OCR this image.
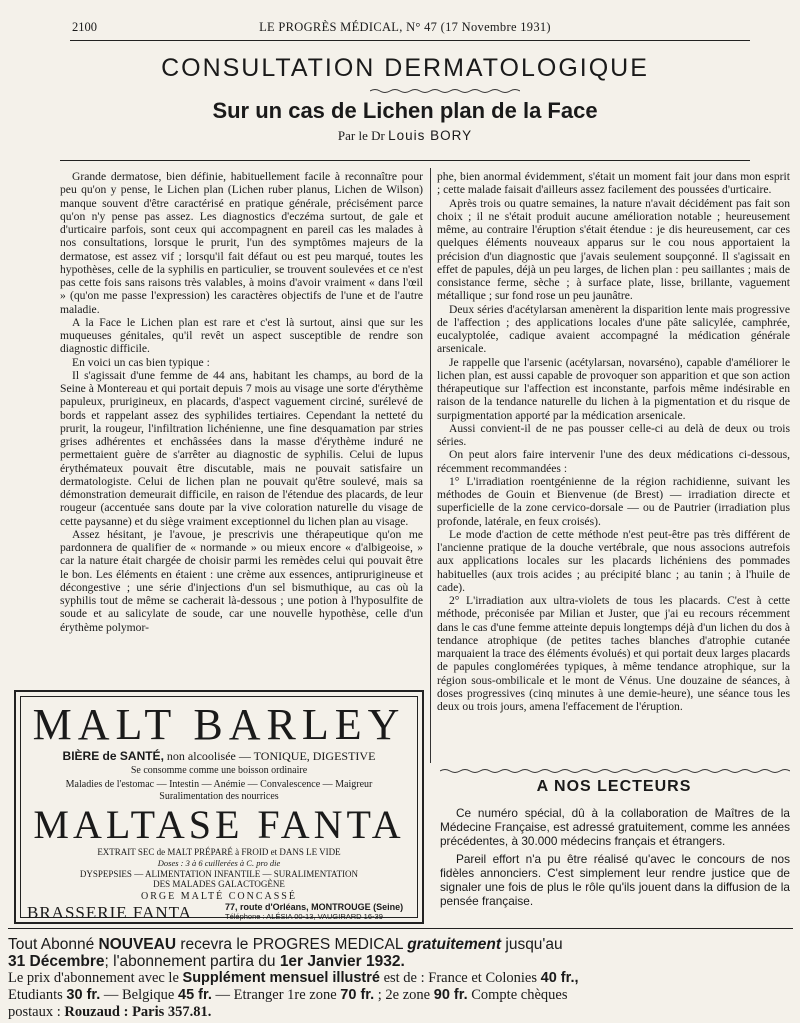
2100	LE PROGRÈS MÉDICAL, N° 47 (17 Novembre 1931)
CONSULTATION DERMATOLOGIQUE
Sur un cas de Lichen plan de la Face
Par le Dr Louis BORY

Grande dermatose, bien définie, habituellement facile à reconnaître pour peu qu'on y pense, le Lichen plan (Lichen ruber planus, Lichen de Wilson) manque souvent d'être caractérisé en pratique générale, précisément parce qu'on n'y pense pas assez. Les diagnostics d'eczéma surtout, de gale et d'urticaire parfois, sont ceux qui accompagnent en pareil cas les malades à nos consultations, lorsque le prurit, l'un des symptômes majeurs de la dermatose, est assez vif ; lorsqu'il fait défaut ou est peu marqué, toutes les hypothèses, celle de la syphilis en particulier, se trouvent soulevées et ce n'est pas cette fois sans raisons très valables, à moins d'avoir vraiment « dans l'œil » (qu'on me passe l'expression) les caractères objectifs de l'une et de l'autre maladie.

A la Face le Lichen plan est rare et c'est là surtout, ainsi que sur les muqueuses génitales, qu'il revêt un aspect susceptible de rendre son diagnostic difficile.

En voici un cas bien typique :

Il s'agissait d'une femme de 44 ans, habitant les champs, au bord de la Seine à Montereau et qui portait depuis 7 mois au visage une sorte d'érythème papuleux, prurigineux, en placards, d'aspect vaguement circiné, surélevé de bords et rappelant assez des syphilides tertiaires. Cependant la netteté du prurit, la rougeur, l'infiltration lichénienne, une fine desquamation par stries grises adhérentes et enchâssées dans la masse d'érythème induré ne permettaient guère de s'arrêter au diagnostic de syphilis. Celui de lupus érythémateux pouvait être discutable, mais ne pouvait satisfaire un dermatologiste. Celui de lichen plan ne pouvait qu'être soulevé, mais sa démonstration demeurait difficile, en raison de l'étendue des placards, de leur rougeur (accentuée sans doute par la vive coloration naturelle du visage de cette paysanne) et du siège vraiment exceptionnel du lichen plan au visage.

Assez hésitant, je l'avoue, je prescrivis une thérapeutique qu'on me pardonnera de qualifier de « normande » ou mieux encore « d'albigeoise, » car la nature était chargée de choisir parmi les remèdes celui qui pouvait être le bon. Les éléments en étaient : une crème aux essences, antiprurigineuse et décongestive ; une série d'injections d'un sel bismuthique, au cas où la syphilis tout de même se cacherait là-dessous ; une potion à l'hyposulfite de soude et au salicylate de soude, car une nouvelle hypothèse, celle d'un érythème polymor-

phe, bien anormal évidemment, s'était un moment fait jour dans mon esprit ; cette malade faisait d'ailleurs assez facilement des poussées d'urticaire.

Après trois ou quatre semaines, la nature n'avait décidément pas fait son choix ; il ne s'était produit aucune amélioration notable ; heureusement même, au contraire l'éruption s'était étendue : je dis heureusement, car ces quelques éléments nouveaux apparus sur le cou nous apportaient la précision d'un diagnostic que j'avais seulement soupçonné. Il s'agissait en effet de papules, déjà un peu larges, de lichen plan : peu saillantes ; mais de consistance ferme, sèche ; à surface plate, lisse, brillante, vaguement métallique ; sur fond rose un peu jaunâtre.

Deux séries d'acétylarsan amenèrent la disparition lente mais progressive de l'affection ; des applications locales d'une pâte salicylée, camphrée, eucalyptolée, cadique avaient accompagné la médication générale arsenicale.

Je rappelle que l'arsenic (acétylarsan, novarséno), capable d'améliorer le lichen plan, est aussi capable de provoquer son apparition et que son action thérapeutique sur l'affection est inconstante, parfois même indésirable en raison de la tendance naturelle du lichen à la pigmentation et du risque de surpigmentation apporté par la médication arsenicale.

Aussi convient-il de ne pas pousser celle-ci au delà de deux ou trois séries.

On peut alors faire intervenir l'une des deux médications ci-dessous, récemment recommandées :

1° L'irradiation roentgénienne de la région rachidienne, suivant les méthodes de Gouin et Bienvenue (de Brest) — irradiation directe et superficielle de la zone cervico-dorsale — ou de Pautrier (irradiation plus profonde, latérale, en feux croisés).

Le mode d'action de cette méthode n'est peut-être pas très différent de l'ancienne pratique de la douche vertébrale, que nous associons autrefois aux applications locales sur les placards lichéniens des pommades habituelles (aux trois acides ; au précipité blanc ; au tanin ; à l'huile de cade).

2° L'irradiation aux ultra-violets de tous les placards. C'est à cette méthode, préconisée par Milian et Juster, que j'ai eu recours récemment dans le cas d'une femme atteinte depuis longtemps déjà d'un lichen du dos à tendance atrophique (de petites taches blanches d'atrophie cutanée marquaient la trace des éléments évolués) et qui portait deux larges placards de papules conglomérées typiques, à même tendance atrophique, sur la région sous-ombilicale et le mont de Vénus. Une douzaine de séances, à doses progressives (cinq minutes à une demie-heure), une séance tous les deux ou trois jours, amena l'effacement de l'éruption.

MALT BARLEY
BIÈRE de SANTÉ, non alcoolisée — TONIQUE, DIGESTIVE
Se consomme comme une boisson ordinaire
Maladies de l'estomac — Intestin — Anémie — Convalescence — Maigreur
Suralimentation des nourrices
MALTASE FANTA
EXTRAIT SEC de MALT PRÉPARÉ à FROID et DANS LE VIDE
Doses : 3 à 6 cuillerées à C. pro die
DYSPEPSIES — ALIMENTATION INFANTILE — SURALIMENTATION
DES MALADES GALACTOGÈNE
ORGE MALTÉ CONCASSÉ
BRASSERIE FANTA	77, route d'Orléans, MONTROUGE (Seine)
Téléphone : ALÉSIA 00-13, VAUGIRARD 16-39
A NOS LECTEURS

Ce numéro spécial, dû à la collaboration de Maîtres de la Médecine Française, est adressé gratuitement, comme les années précédentes, à 30.000 médecins français et étrangers.

Pareil effort n'a pu être réalisé qu'avec le concours de nos fidèles annonciers. C'est simplement leur rendre justice que de signaler une fois de plus le rôle qu'ils jouent dans la diffusion de la pensée française.

Tout Abonné NOUVEAU recevra le PROGRES MEDICAL gratuitement jusqu'au
31 Décembre; l'abonnement partira du 1er Janvier 1932.
Le prix d'abonnement avec le Supplément mensuel illustré est de : France et Colonies 40 fr.,
Etudiants 30 fr. — Belgique 45 fr. — Etranger 1re zone 70 fr. ; 2e zone 90 fr. Compte chèques
postaux : Rouzaud : Paris 357.81.
